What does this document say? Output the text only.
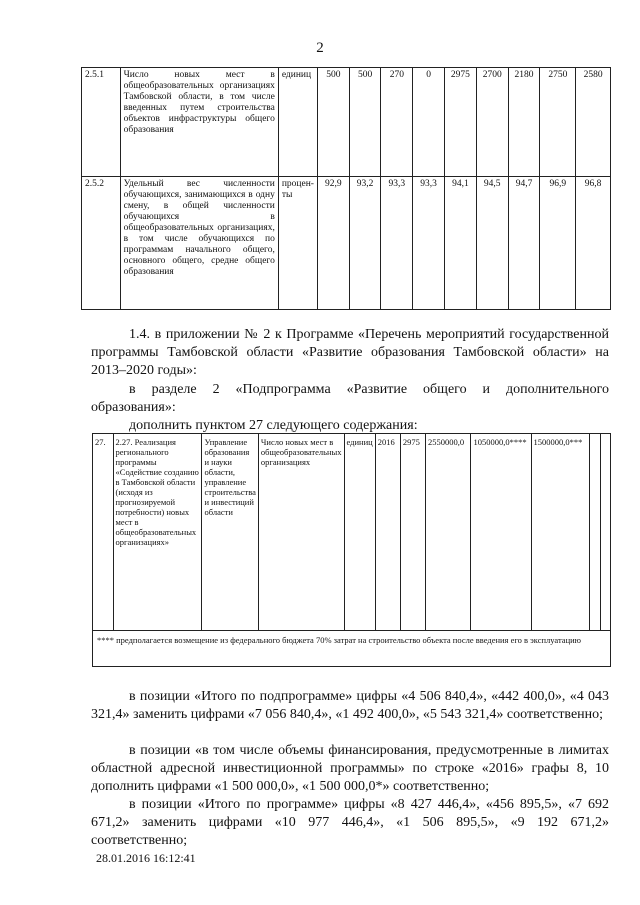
2
2.5.1	Число новых мест в общеобразовательных организациях Тамбовской области, в том числе введенных путем строительства объектов инфраструктуры общего образования	единиц	500	500	270	0	2975	2700	2180	2750	2580
2.5.2	Удельный вес численности обучающихся, занимающихся в одну смену, в общей численности обучающихся в общеобразовательных организациях, в том числе обучающихся по программам начального общего, основного общего, средне общего образования	процен-ты	92,9	93,2	93,3	93,3	94,1	94,5	94,7	96,9	96,8

1.4. в приложении № 2 к Программе «Перечень мероприятий государственной программы Тамбовской области «Развитие образования Тамбовской области» на 2013–2020 годы»:

в разделе 2 «Подпрограмма «Развитие общего и дополнительного образования»:

дополнить пунктом 27 следующего содержания:

27.	2.27. Реализация регионального программы «Содействие созданию в Тамбовской области (исходя из прогнозируемой потребности) новых мест в общеобразовательных организациях»	Управление образования и науки области, управление строительства и инвестиций области	Число новых мест в общеобразовательных организациях	единиц	2016	2975	2550000,0	1050000,0****	1500000,0***		
**** предполагается возмещение из федерального бюджета 70% затрат на строительство объекта после введения его в эксплуатацию

в позиции «Итого по подпрограмме» цифры «4 506 840,4», «442 400,0», «4 043 321,4» заменить цифрами «7 056 840,4», «1 492 400,0», «5 543 321,4» соответственно;

в позиции «в том числе объемы финансирования, предусмотренные в лимитах областной адресной инвестиционной программы» по строке «2016» графы 8, 10 дополнить цифрами «1 500 000,0», «1 500 000,0*» соответственно;

в позиции «Итого по программе» цифры «8 427 446,4», «456 895,5», «7 692 671,2» заменить цифрами «10 977 446,4», «1 506 895,5», «9 192 671,2» соответственно;

28.01.2016 16:12:41
